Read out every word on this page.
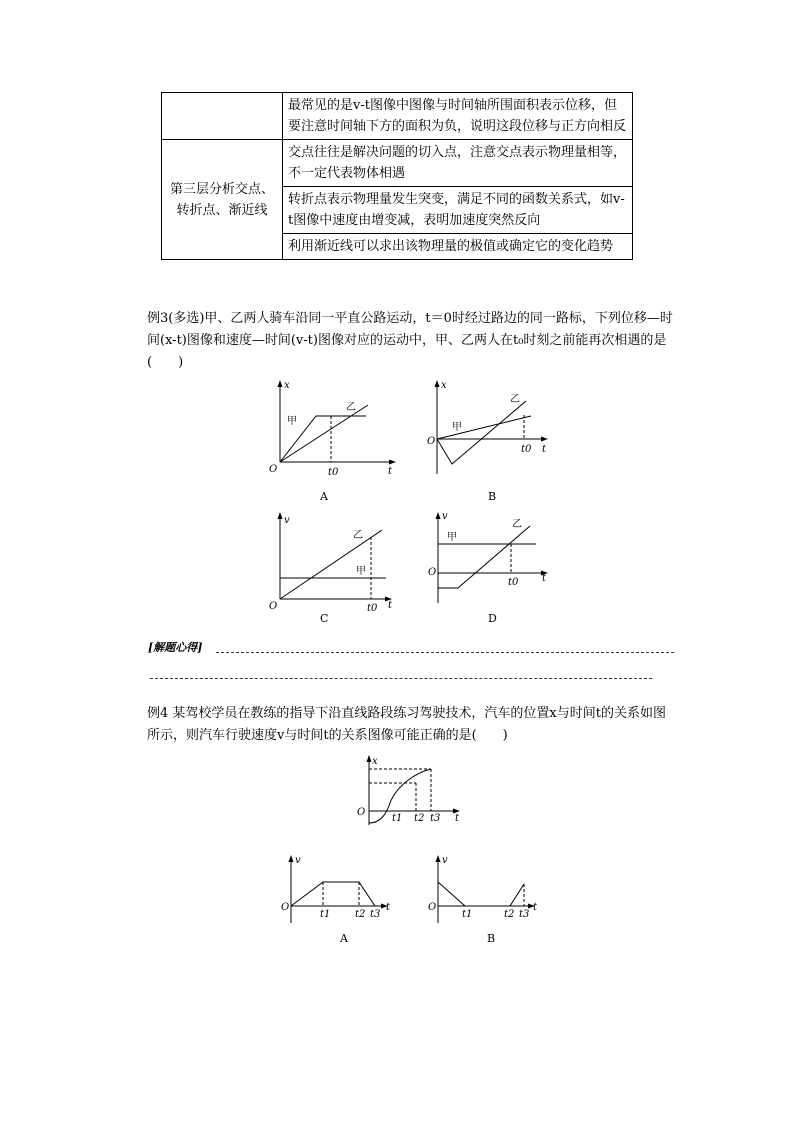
	最常见的是v-t图像中图像与时间轴所围面积表示位移，但要注意时间轴下方的面积为负，说明这段位移与正方向相反
第三层分析交点、转折点、渐近线	交点往往是解决问题的切入点，注意交点表示物理量相等，不一定代表物体相遇
	转折点表示物理量发生突变，满足不同的函数关系式，如v-t图像中速度由增变减，表明加速度突然反向
	利用渐近线可以求出该物理量的极值或确定它的变化趋势
例3(多选)甲、乙两人骑车沿同一平直公路运动，t＝0时经过路边的同一路标，下列位移—时间(x-t)图像和速度—时间(v-t)图像对应的运动中，甲、乙两人在t₀时刻之前能再次相遇的是(　　)
x
t
O	t0
甲
乙
A
x
t
O
t0
甲
乙
B
v
t
O	t0
甲
乙
C
v
t
O
t0
甲
乙
D
[解题心得]
例4 某驾校学员在教练的指导下沿直线路段练习驾驶技术，汽车的位置x与时间t的关系如图所示，则汽车行驶速度v与时间t的关系图像可能正确的是(　　)
x
t
O
t1 t2 t3
v
t
O
t1 t2 t3
A
v
t
O
t1	t2 t3
B
